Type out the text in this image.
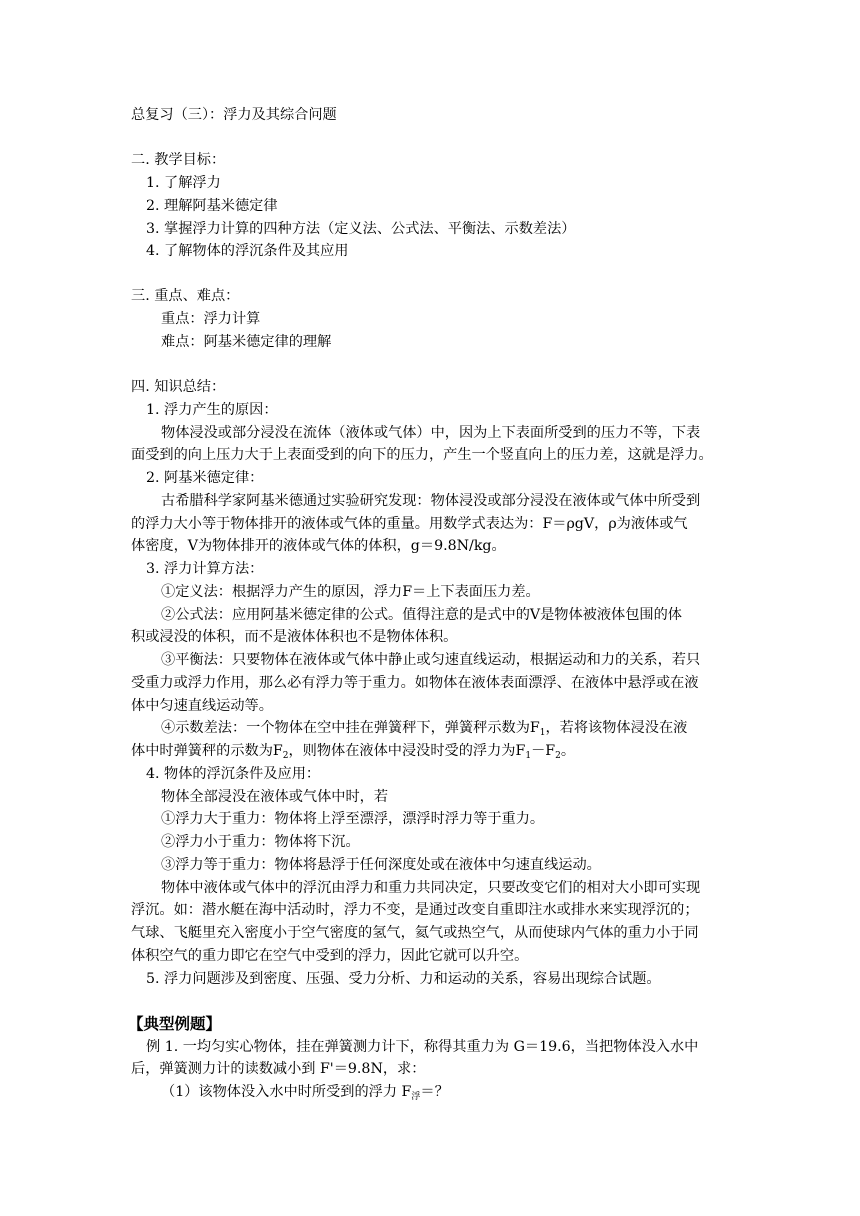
总复习（三）：浮力及其综合问题
二. 教学目标：
1. 了解浮力
2. 理解阿基米德定律
3. 掌握浮力计算的四种方法（定义法、公式法、平衡法、示数差法）
4. 了解物体的浮沉条件及其应用
三. 重点、难点：
重点：浮力计算
难点：阿基米德定律的理解
四. 知识总结：
1. 浮力产生的原因：
物体浸没或部分浸没在流体（液体或气体）中，因为上下表面所受到的压力不等，下表
面受到的向上压力大于上表面受到的向下的压力，产生一个竖直向上的压力差，这就是浮力。
2. 阿基米德定律：
古希腊科学家阿基米德通过实验研究发现：物体浸没或部分浸没在液体或气体中所受到
的浮力大小等于物体排开的液体或气体的重量。用数学式表达为：F＝ρgV，ρ为液体或气
体密度，V为物体排开的液体或气体的体积，g＝9.8N/kg。
3. 浮力计算方法：
①定义法：根据浮力产生的原因，浮力F＝上下表面压力差。
②公式法：应用阿基米德定律的公式。值得注意的是式中的V是物体被液体包围的体
积或浸没的体积，而不是液体体积也不是物体体积。
③平衡法：只要物体在液体或气体中静止或匀速直线运动，根据运动和力的关系，若只
受重力或浮力作用，那么必有浮力等于重力。如物体在液体表面漂浮、在液体中悬浮或在液
体中匀速直线运动等。
④示数差法：一个物体在空中挂在弹簧秤下，弹簧秤示数为$F_1$，若将该物体浸没在液
体中时弹簧秤的示数为$F_2$，则物体在液体中浸没时受的浮力为$F_1-F_2$。
4. 物体的浮沉条件及应用：
物体全部浸没在液体或气体中时，若
①浮力大于重力：物体将上浮至漂浮，漂浮时浮力等于重力。
②浮力小于重力：物体将下沉。
③浮力等于重力：物体将悬浮于任何深度处或在液体中匀速直线运动。
物体中液体或气体中的浮沉由浮力和重力共同决定，只要改变它们的相对大小即可实现
浮沉。如：潜水艇在海中活动时，浮力不变，是通过改变自重即注水或排水来实现浮沉的；
气球、飞艇里充入密度小于空气密度的氢气，氦气或热空气，从而使球内气体的重力小于同
体积空气的重力即它在空气中受到的浮力，因此它就可以升空。
5. 浮力问题涉及到密度、压强、受力分析、力和运动的关系，容易出现综合试题。
【典型例题】
例 1. 一均匀实心物体，挂在弹簧测力计下，称得其重力为 G＝19.6，当把物体没入水中
后，弹簧测力计的读数减小到 F'＝9.8N，求：
（1）该物体没入水中时所受到的浮力 $F_浮=$？
